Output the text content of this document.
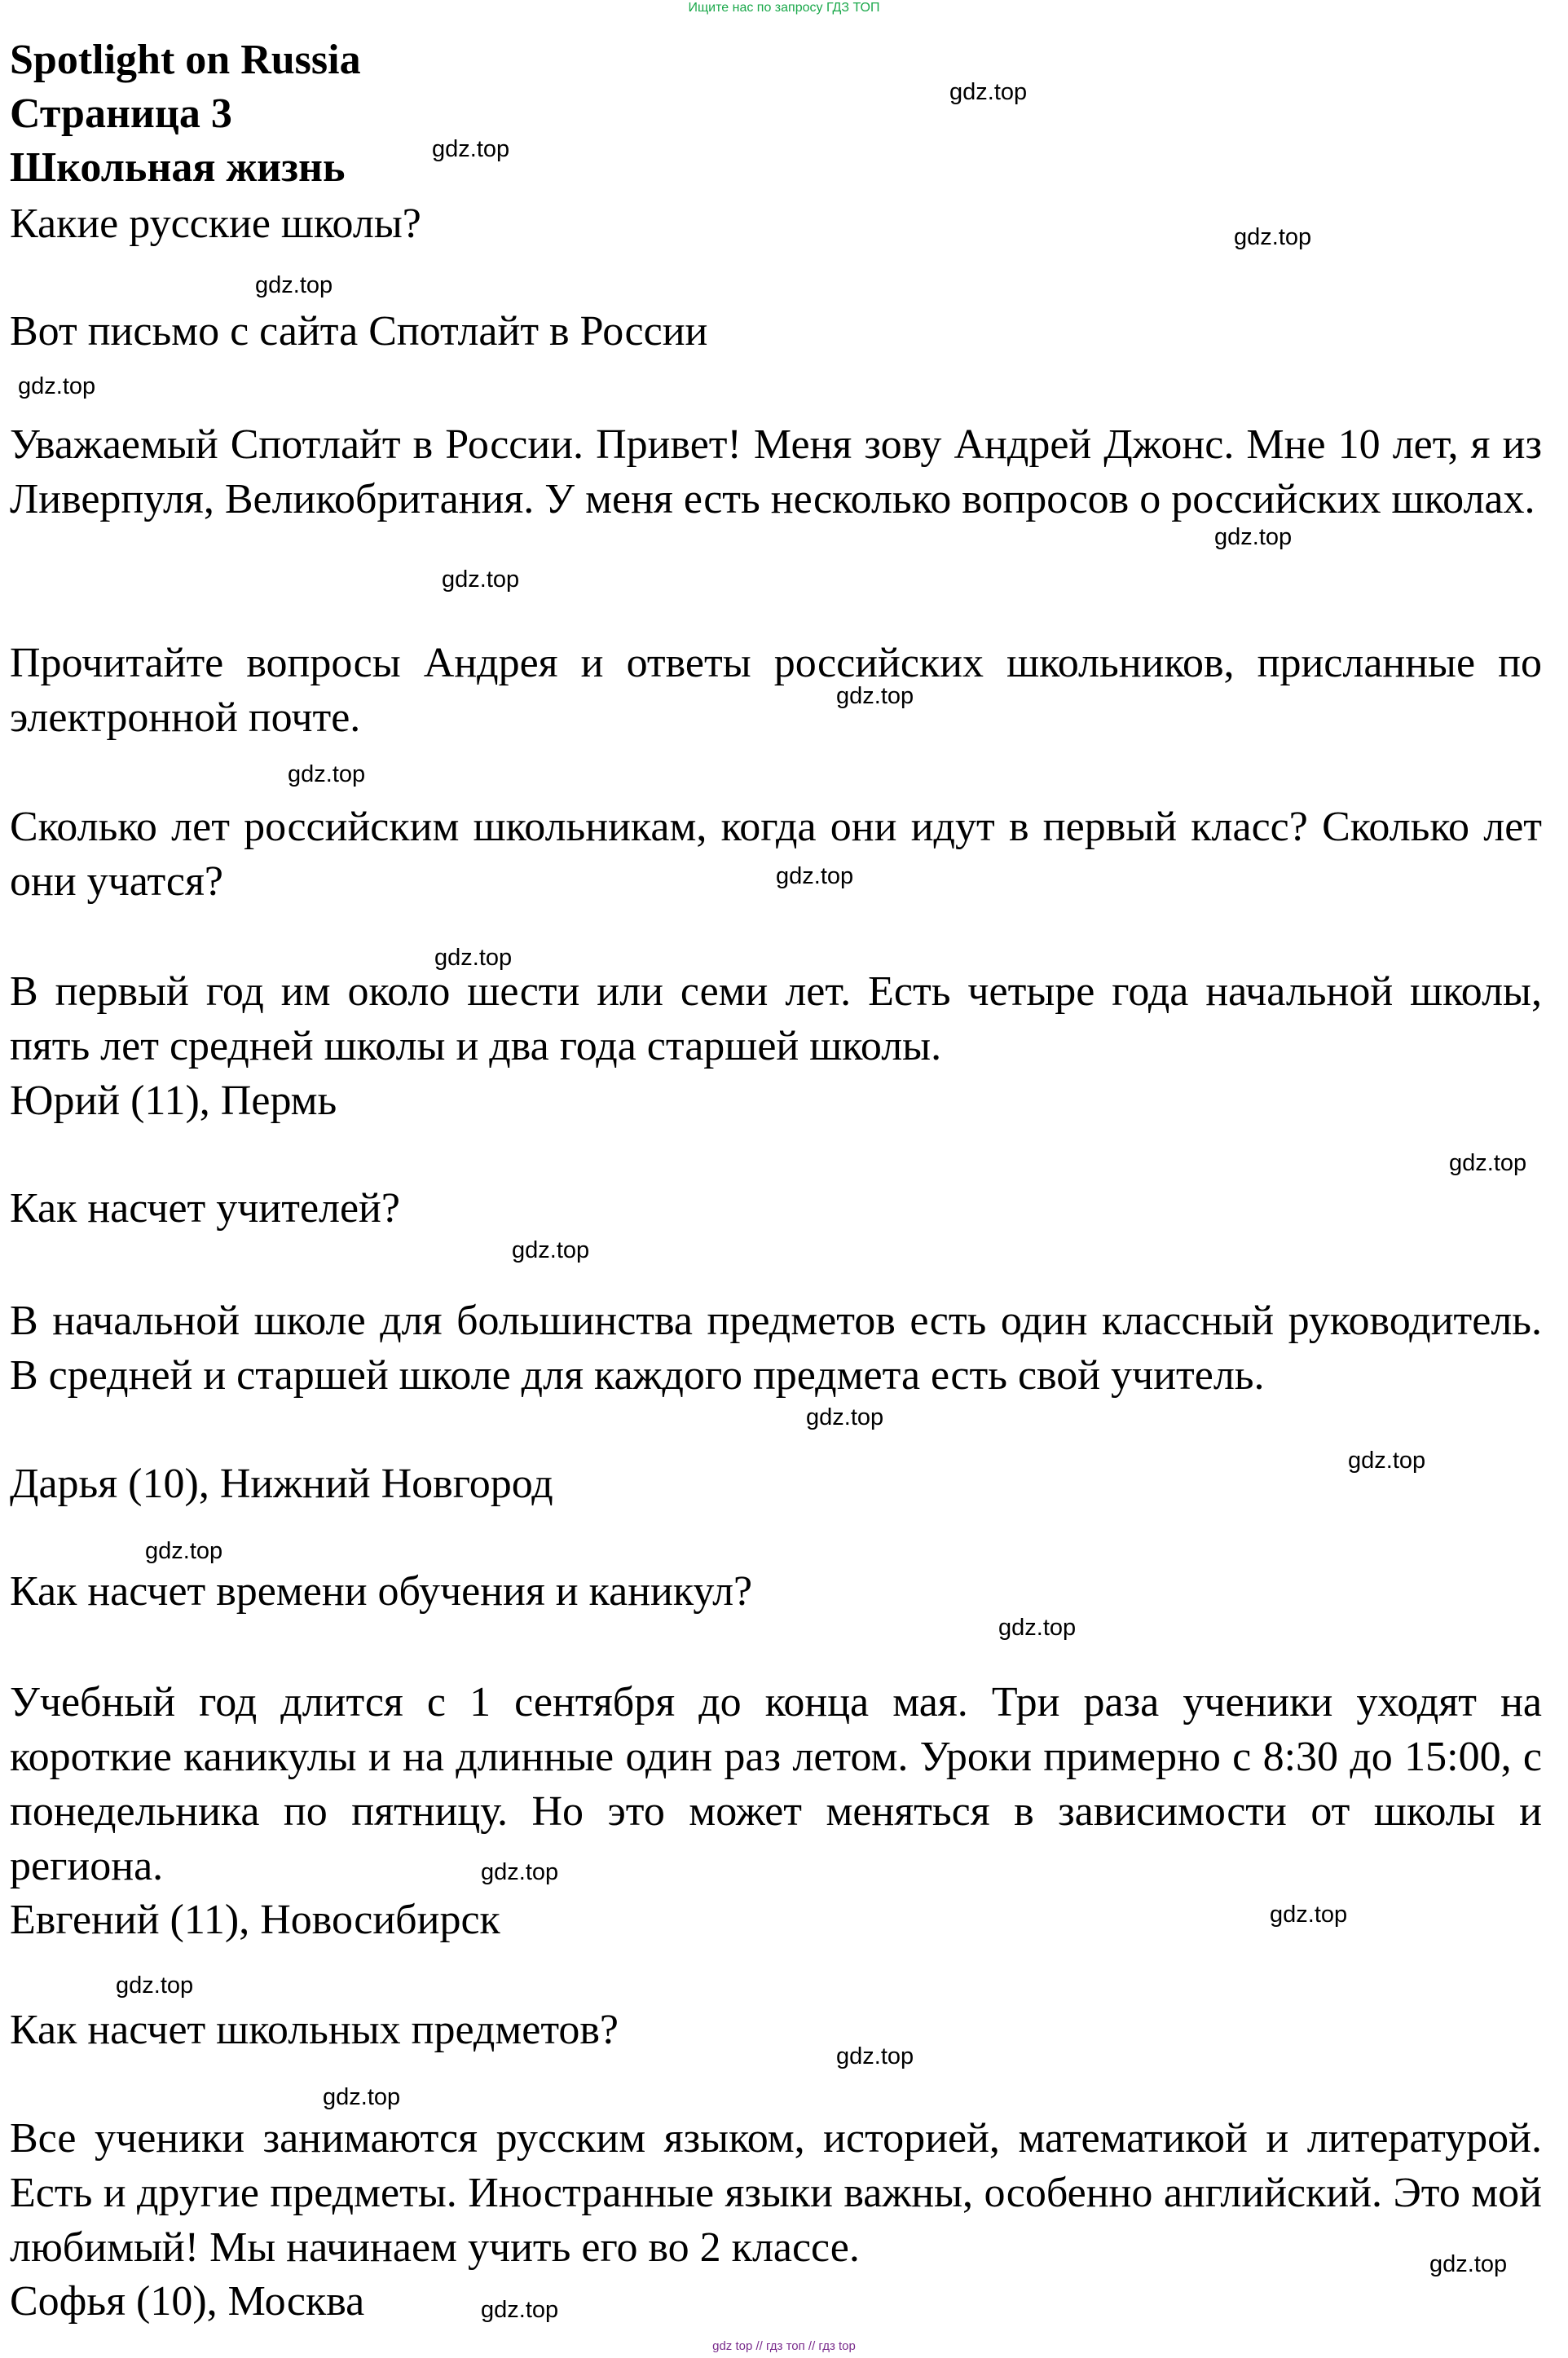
Ищите нас по запросу ГДЗ ТОП
Spotlight on Russia
Страница 3
Школьная жизнь
Какие русские школы?
Вот письмо с сайта Спотлайт в России
Уважаемый Спотлайт в России. Привет! Меня зову Андрей Джонс. Мне 10 лет, я из Ливерпуля, Великобритания. У меня есть несколько вопросов о российских школах.
Прочитайте вопросы Андрея и ответы российских школьников, присланные по электронной почте.
Сколько лет российским школьникам, когда они идут в первый класс? Сколько лет они учатся?
В первый год им около шести или семи лет. Есть четыре года начальной школы, пять лет средней школы и два года старшей школы.
Юрий (11), Пермь
Как насчет учителей?
В начальной школе для большинства предметов есть один классный руководитель. В средней и старшей школе для каждого предмета есть свой учитель.
Дарья (10), Нижний Новгород
Как насчет времени обучения и каникул?
Учебный год длится с 1 сентября до конца мая. Три раза ученики уходят на короткие каникулы и на длинные один раз летом. Уроки примерно с 8:30 до 15:00, с понедельника по пятницу. Но это может меняться в зависимости от школы и региона.
Евгений (11), Новосибирск
Как насчет школьных предметов?
Все ученики занимаются русским языком, историей, математикой и литературой. Есть и другие предметы. Иностранные языки важны, особенно английский. Это мой любимый! Мы начинаем учить его во 2 классе.
Софья (10), Москва
gdz.top
gdz.top
gdz.top
gdz.top
gdz.top
gdz.top
gdz.top
gdz.top
gdz.top
gdz.top
gdz.top
gdz.top
gdz.top
gdz.top
gdz.top
gdz.top
gdz.top
gdz.top
gdz.top
gdz.top
gdz.top
gdz.top
gdz.top
gdz.top
gdz top // гдз топ // гдз top
